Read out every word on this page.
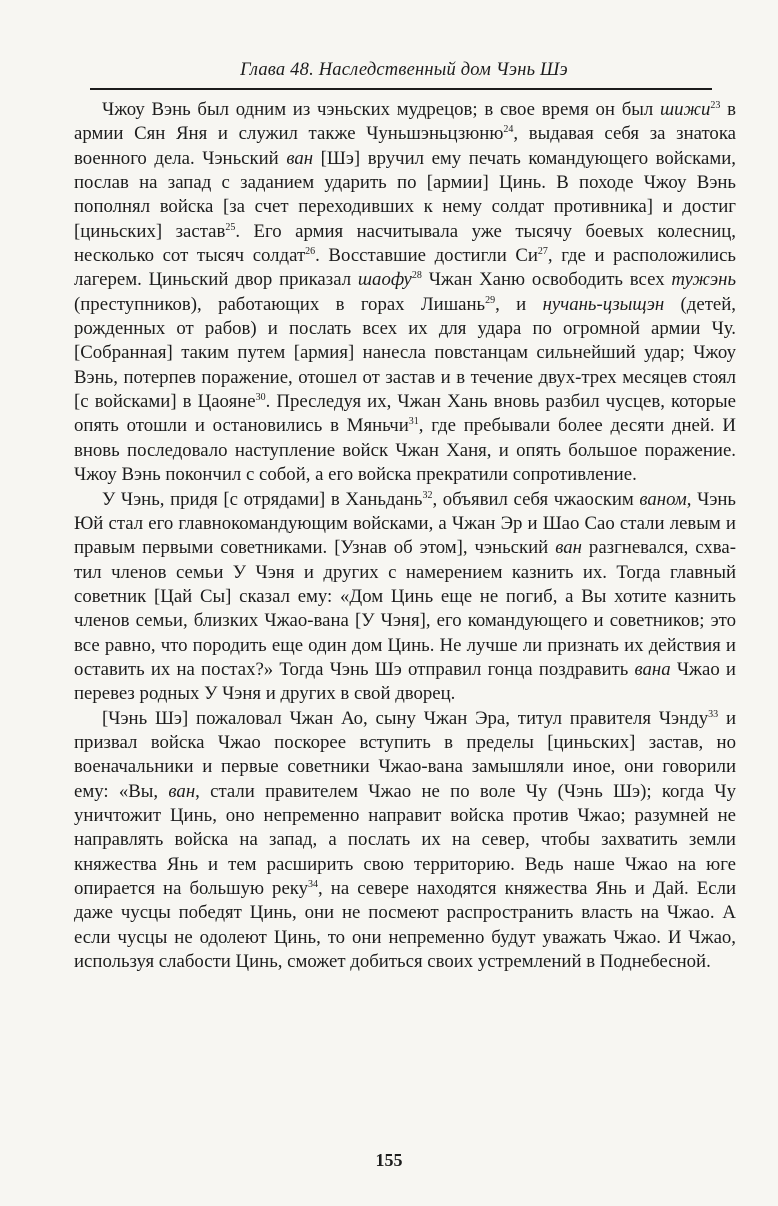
Глава 48. Наследственный дом Чэнь Шэ

Чжоу Вэнь был одним из чэньских мудрецов; в свое время он был шижи$^{23}$ в армии Сян Яня и служил также Чуньшэньцзюню$^{24}$, выдавая себя за знатока военного дела. Чэньский ван [Шэ] вручил ему печать командующего войсками, послав на запад с заданием ударить по [армии] Цинь. В походе Чжоу Вэнь пополнял войска [за счет переходивших к нему солдат противника] и достиг [циньских] застав$^{25}$. Его армия насчитывала уже тысячу боевых колесниц, несколько сот тысяч солдат$^{26}$. Восставшие достигли $Си^{27}$, где и расположились лагерем. Циньский двор приказал шаофу$^{28}$ Чжан Ханю освободить всех тужэнь (преступников), работающих в горах Лишань$^{29}$, и нучань-цзыщэн (детей, рожденных от рабов) и послать всех их для удара по огромной армии Чу. [Собранная] таким путем [армия] нанесла повстанцам сильнейший удар; Чжоу Вэнь, потерпев поражение, отошел от застав и в течение двух-трех месяцев стоял [с войсками] в Цаояне$^{30}$. Преследуя их, Чжан Хань вновь разбил чусцев, которые опять отошли и остановились в Мяньчи$^{31}$, где пребывали более десяти дней. И вновь последовало наступление войск Чжан Ханя, и опять большое поражение. Чжоу Вэнь покончил с собой, а его войска прекратили сопротивление.

У Чэнь, придя [с отрядами] в Ханьдань$^{32}$, объявил себя чжаоским ваном, Чэнь Юй стал его главнокомандующим войсками, а Чжан Эр и Шао Сао стали левым и правым первыми советниками. [Узнав об этом], чэньский ван разгневался, схватил членов семьи У Чэня и других с намерением казнить их. Тогда главный советник [Цай Сы] сказал ему: «Дом Цинь еще не погиб, а Вы хотите казнить членов семьи, близких Чжао-вана [У Чэня], его командующего и советников; это все равно, что породить еще один дом Цинь. Не лучше ли признать их действия и оставить их на постах?» Тогда Чэнь Шэ отправил гонца поздравить вана Чжао и перевез родных У Чэня и других в свой дворец.

[Чэнь Шэ] пожаловал Чжан Ао, сыну Чжан Эра, титул правителя Чэнду$^{33}$ и призвал войска Чжао поскорее вступить в пределы [циньских] застав, но военачальники и первые советники Чжао-вана замышляли иное, они говорили ему: «Вы, ван, стали правителем Чжао не по воле Чу (Чэнь Шэ); когда Чу уничтожит Цинь, оно непременно направит войска против Чжао; разумней не направлять войска на запад, а послать их на север, чтобы захватить земли княжества Янь и тем расширить свою территорию. Ведь наше Чжао на юге опирается на большую реку$^{34}$, на севере находятся княжества Янь и Дай. Если даже чусцы победят Цинь, они не посмеют распространить власть на Чжао. А если чусцы не одолеют Цинь, то они непременно будут уважать Чжао. И Чжао, используя слабости Цинь, сможет добиться своих устремлений в Поднебесной.

155
